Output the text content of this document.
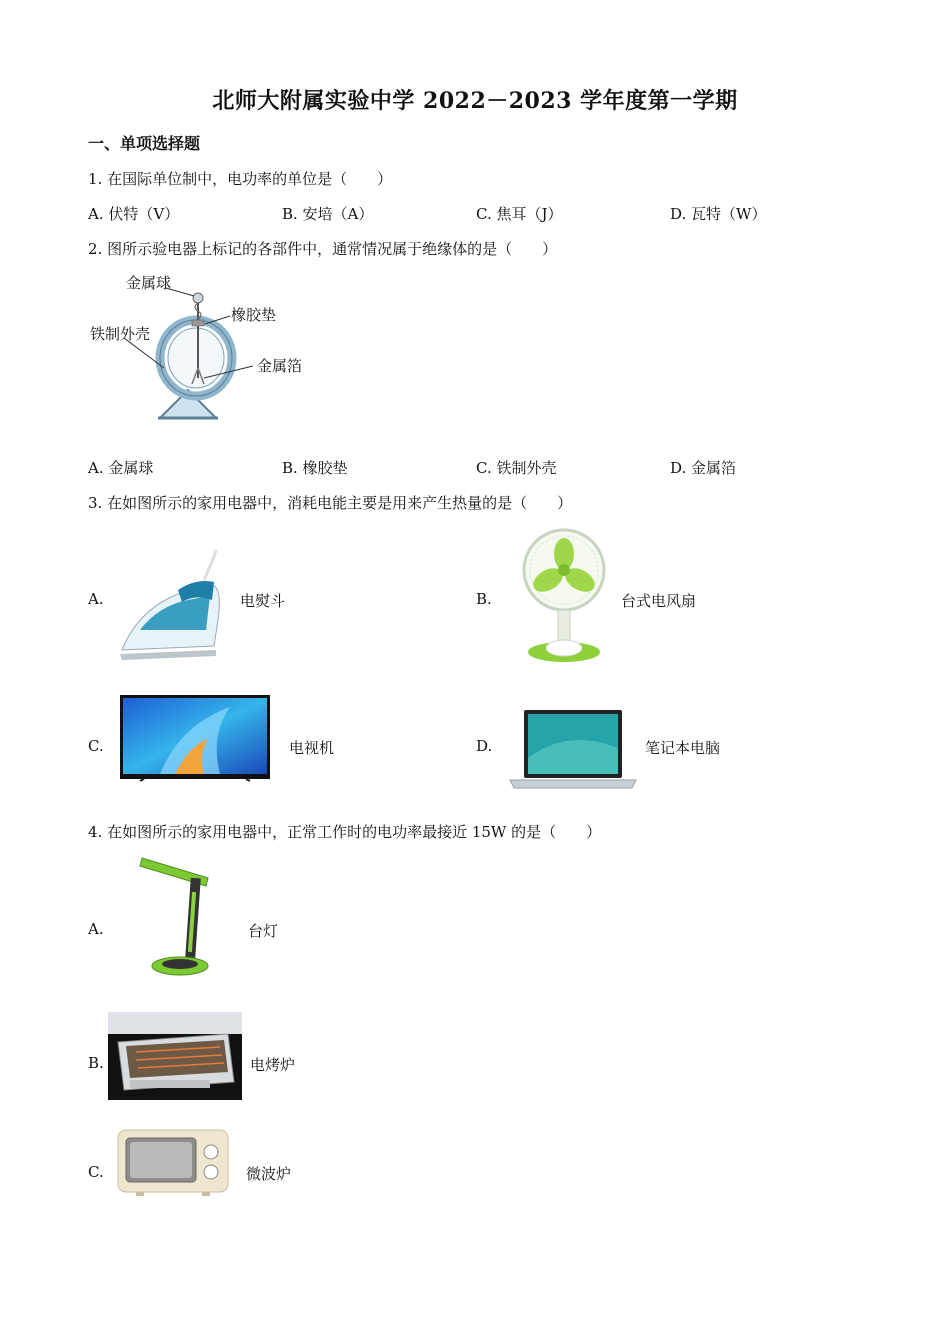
北师大附属实验中学 2022－2023 学年度第一学期
一、单项选择题
1. 在国际单位制中，电功率的单位是（　　）
A. 伏特（V）	B. 安培（A）	C. 焦耳（J）	D. 瓦特（W）
2. 图所示验电器上标记的各部件中，通常情况属于绝缘体的是（　　）
金属球
橡胶垫
铁制外壳
金属箔
A. 金属球	B. 橡胶垫	C. 铁制外壳	D. 金属箔
3. 在如图所示的家用电器中，消耗电能主要是用来产生热量的是（　　）
A.	电熨斗	B.	台式电风扇
C.	电视机	D.	笔记本电脑
4. 在如图所示的家用电器中，正常工作时的电功率最接近 15W 的是（　　）
A.	台灯
B.	电烤炉
C.	微波炉
